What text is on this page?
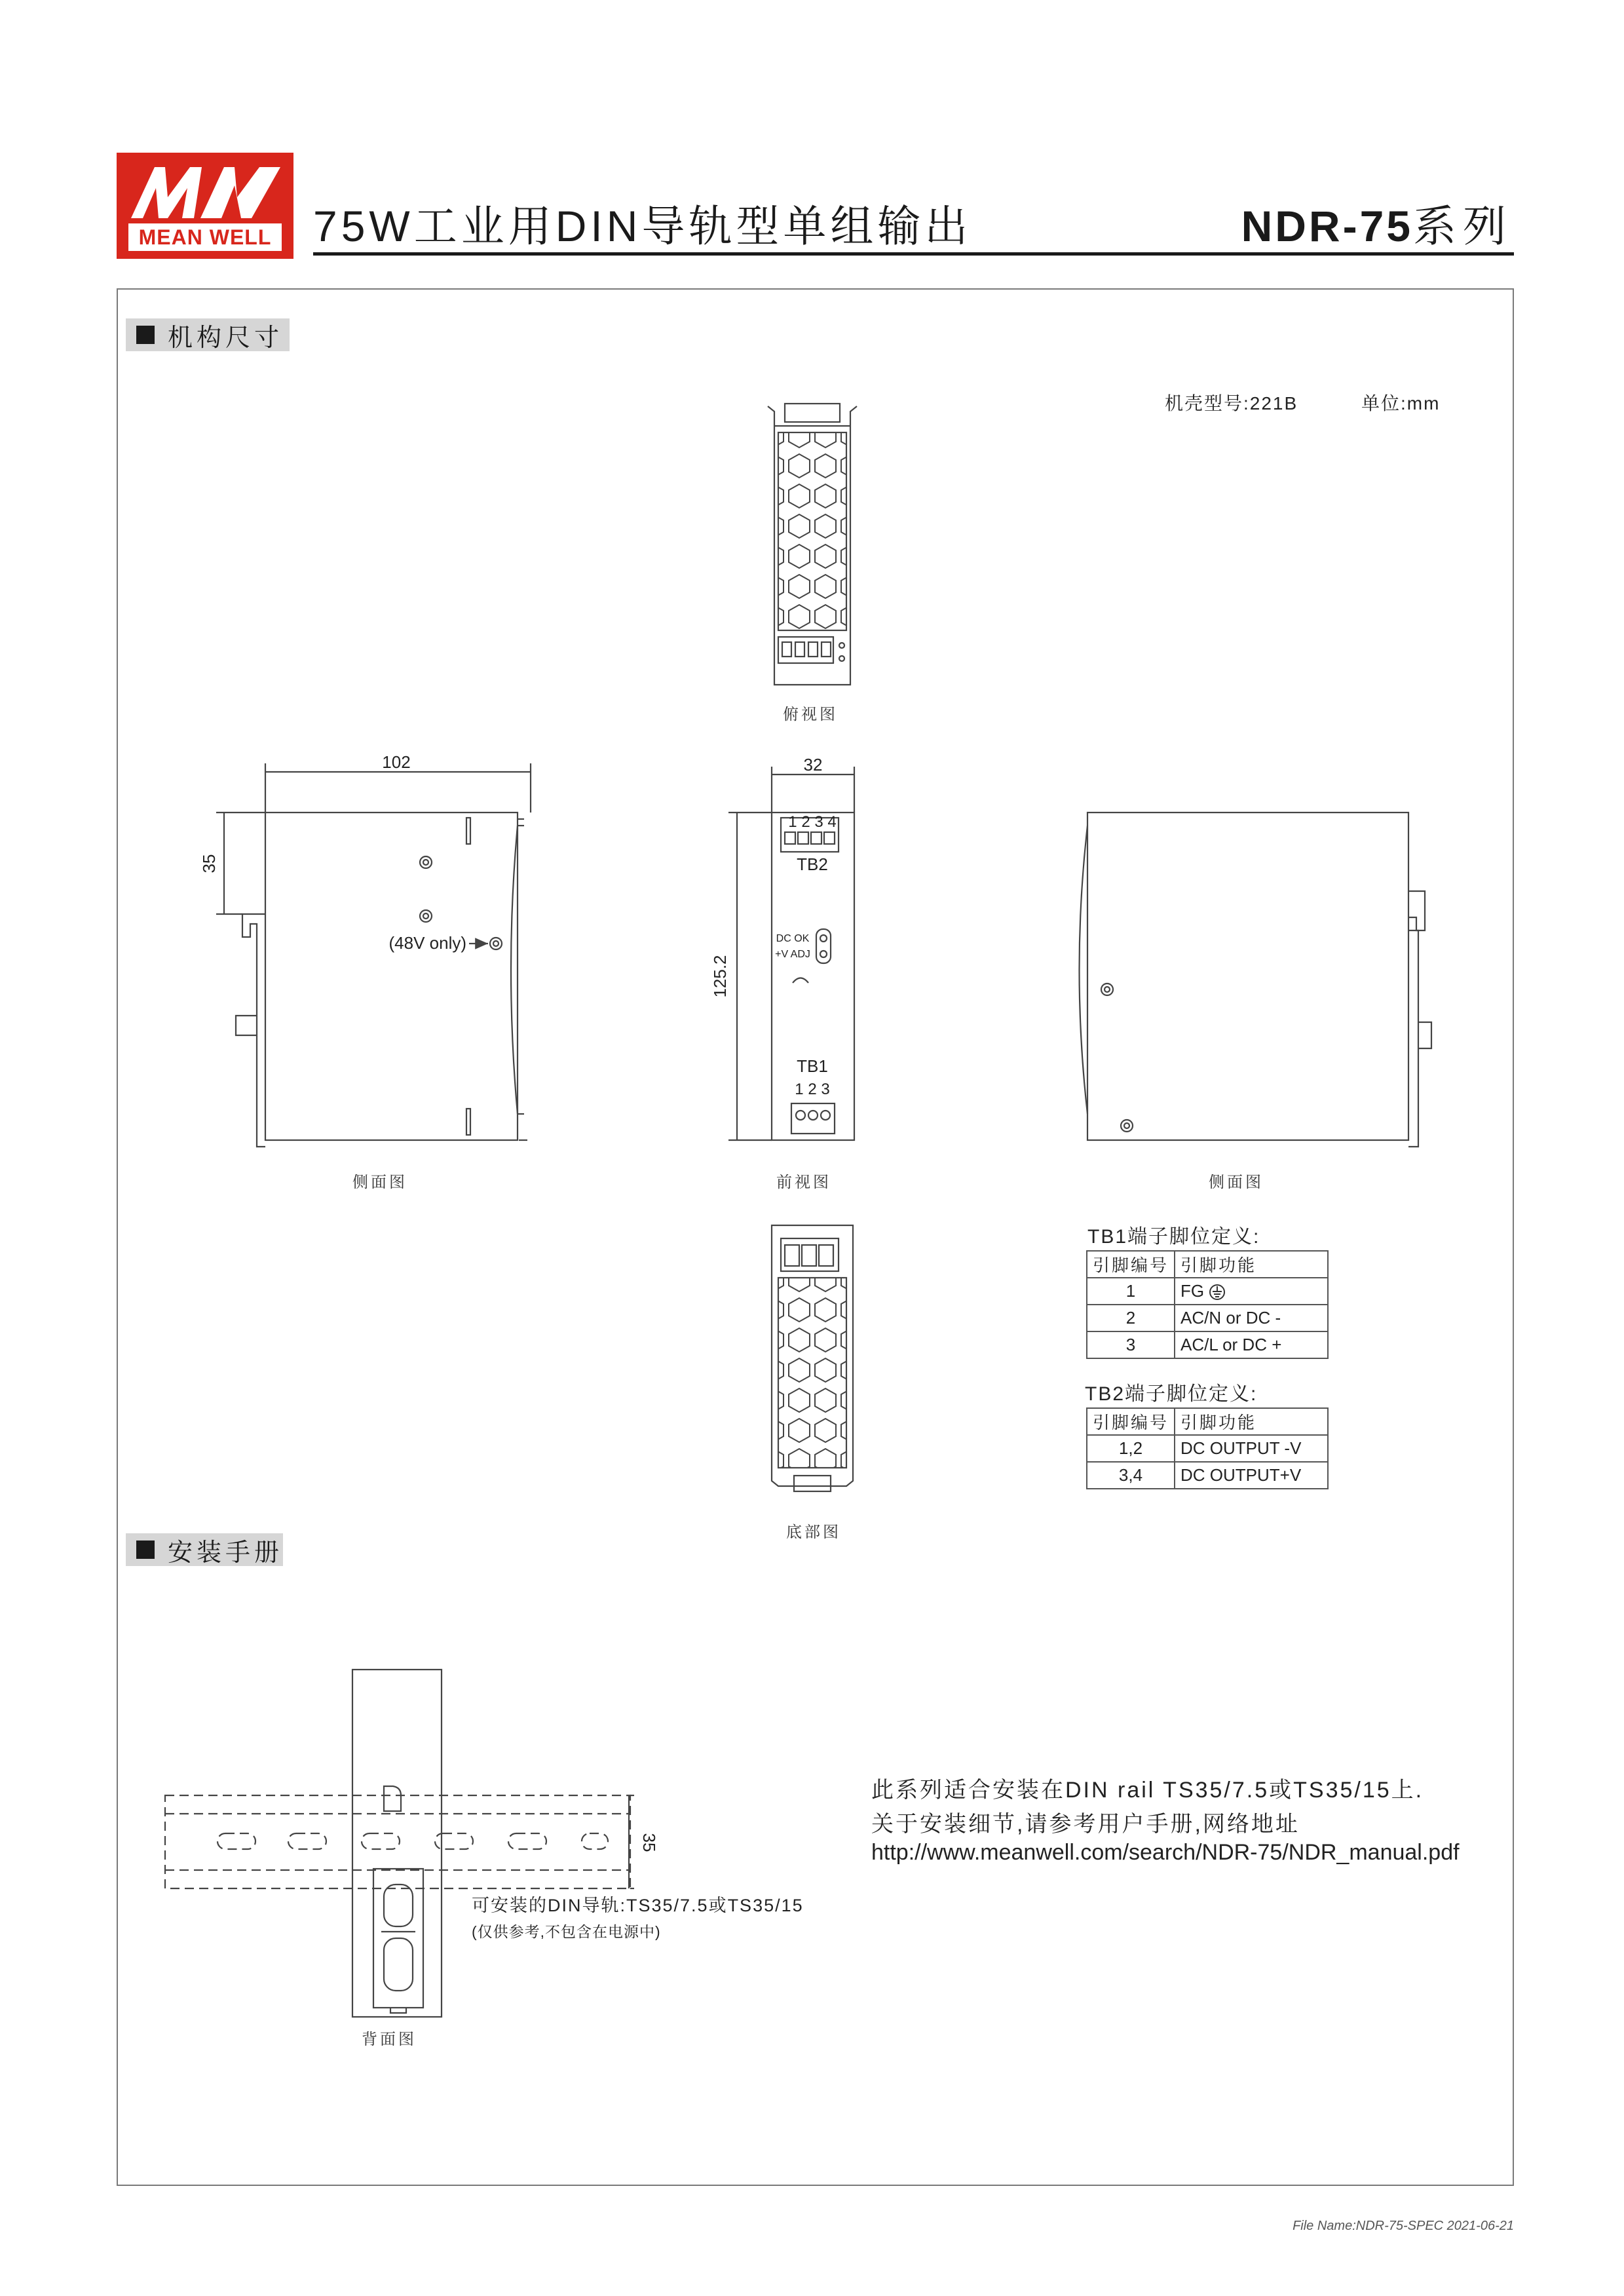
MEAN WELL 75W工业用DIN导轨型单组输出	NDR-75系列
机构尺寸
机壳型号:221B	单位:mm
102
35
32
125.2
(48V only)
1 2 3 4
TB2
DC OK
+V ADJ
TB1
1 2 3
俯视图
侧面图	前视图	侧面图
底部图
TB1端子脚位定义:
引脚编号	引脚功能
1	FG
2	AC/N or DC -
3	AC/L or DC +
TB2端子脚位定义:
引脚编号	引脚功能
1,2	DC OUTPUT -V
3,4	DC OUTPUT+V
安装手册
35
可安装的DIN导轨:TS35/7.5或TS35/15
(仅供参考,不包含在电源中)
背面图
此系列适合安装在DIN rail TS35/7.5或TS35/15上.
关于安装细节,请参考用户手册,网络地址
http://www.meanwell.com/search/NDR-75/NDR_manual.pdf
File Name:NDR-75-SPEC 2021-06-21
